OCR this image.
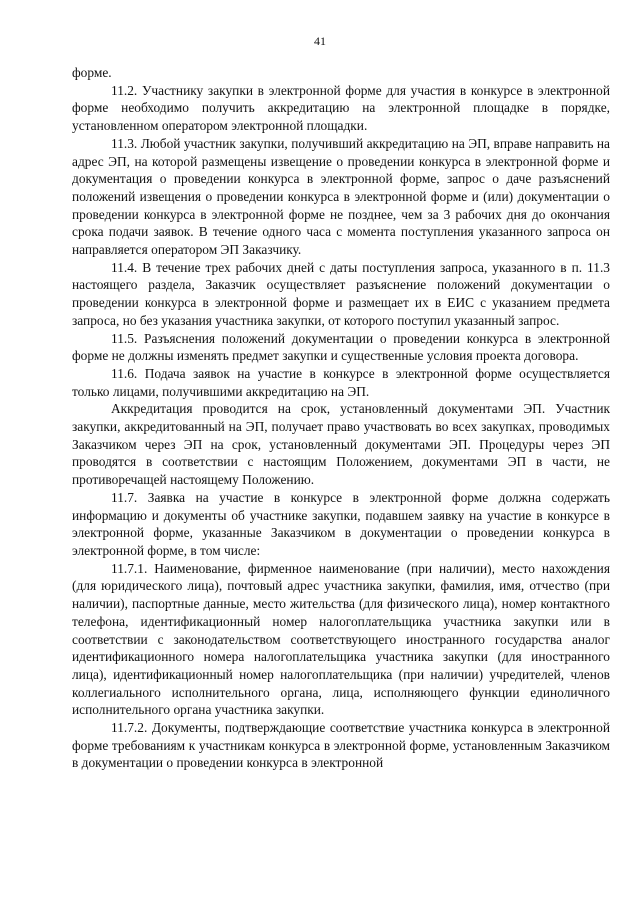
41

форме.

11.2. Участнику закупки в электронной форме для участия в конкурсе в электронной форме необходимо получить аккредитацию на электронной площадке в порядке, установленном оператором электронной площадки.

11.3. Любой участник закупки, получивший аккредитацию на ЭП, вправе направить на адрес ЭП, на которой размещены извещение о проведении конкурса в электронной форме и документация о проведении конкурса в электронной форме, запрос о даче разъяснений положений извещения о проведении конкурса в электронной форме и (или) документации о проведении конкурса в электронной форме не позднее, чем за 3 рабочих дня до окончания срока подачи заявок. В течение одного часа с момента поступления указанного запроса он направляется оператором ЭП Заказчику.

11.4. В течение трех рабочих дней с даты поступления запроса, указанного в п. 11.3 настоящего раздела, Заказчик осуществляет разъяснение положений документации о проведении конкурса в электронной форме и размещает их в ЕИС с указанием предмета запроса, но без указания участника закупки, от которого поступил указанный запрос.

11.5. Разъяснения положений документации о проведении конкурса в электронной форме не должны изменять предмет закупки и существенные условия проекта договора.

11.6. Подача заявок на участие в конкурсе в электронной форме осуществляется только лицами, получившими аккредитацию на ЭП.

Аккредитация проводится на срок, установленный документами ЭП. Участник закупки, аккредитованный на ЭП, получает право участвовать во всех закупках, проводимых Заказчиком через ЭП на срок, установленный документами ЭП. Процедуры через ЭП проводятся в соответствии с настоящим Положением, документами ЭП в части, не противоречащей настоящему Положению.

11.7. Заявка на участие в конкурсе в электронной форме должна содержать информацию и документы об участнике закупки, подавшем заявку на участие в конкурсе в электронной форме, указанные Заказчиком в документации о проведении конкурса в электронной форме, в том числе:

11.7.1. Наименование, фирменное наименование (при наличии), место нахождения (для юридического лица), почтовый адрес участника закупки, фамилия, имя, отчество (при наличии), паспортные данные, место жительства (для физического лица), номер контактного телефона, идентификационный номер налогоплательщика участника закупки или в соответствии с законодательством соответствующего иностранного государства аналог идентификационного номера налогоплательщика участника закупки (для иностранного лица), идентификационный номер налогоплательщика (при наличии) учредителей, членов коллегиального исполнительного органа, лица, исполняющего функции единоличного исполнительного органа участника закупки.

11.7.2. Документы, подтверждающие соответствие участника конкурса в электронной форме требованиям к участникам конкурса в электронной форме, установленным Заказчиком в документации о проведении конкурса в электронной
